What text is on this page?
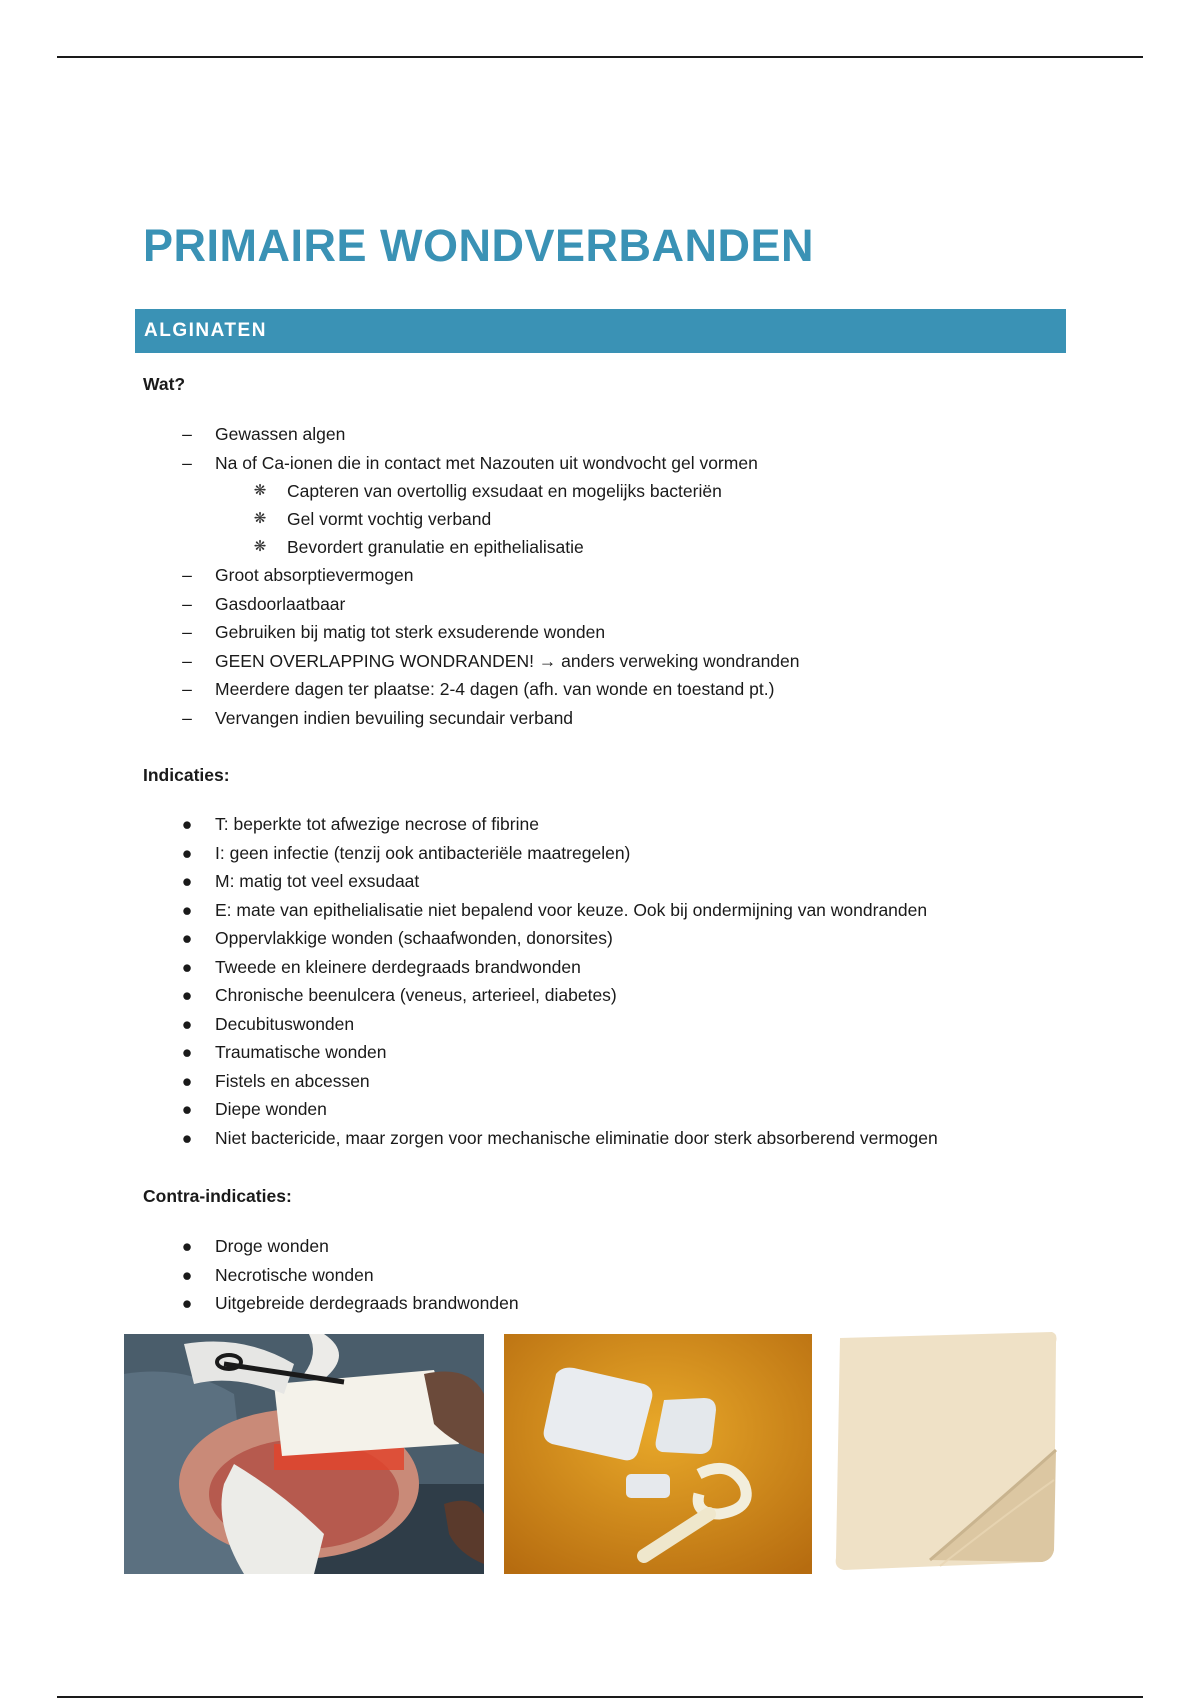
PRIMAIRE WONDVERBANDEN
ALGINATEN

Wat?

– Gewassen algen
– Na of Ca-ionen die in contact met Nazouten uit wondvocht gel vormen
❋ Capteren van overtollig exsudaat en mogelijks bacteriën
❋ Gel vormt vochtig verband
❋ Bevordert granulatie en epithelialisatie
– Groot absorptievermogen
– Gasdoorlaatbaar
– Gebruiken bij matig tot sterk exsuderende wonden
– GEEN OVERLAPPING WONDRANDEN! → anders verweking wondranden
– Meerdere dagen ter plaatse: 2-4 dagen (afh. van wonde en toestand pt.)
– Vervangen indien bevuiling secundair verband

Indicaties:

● T: beperkte tot afwezige necrose of fibrine
● I: geen infectie (tenzij ook antibacteriële maatregelen)
● M: matig tot veel exsudaat
● E: mate van epithelialisatie niet bepalend voor keuze. Ook bij ondermijning van wondranden
● Oppervlakkige wonden (schaafwonden, donorsites)
● Tweede en kleinere derdegraads brandwonden
● Chronische beenulcera (veneus, arterieel, diabetes)
● Decubituswonden
● Traumatische wonden
● Fistels en abcessen
● Diepe wonden
● Niet bactericide, maar zorgen voor mechanische eliminatie door sterk absorberend vermogen

Contra-indicaties:

● Droge wonden
● Necrotische wonden
● Uitgebreide derdegraads brandwonden
